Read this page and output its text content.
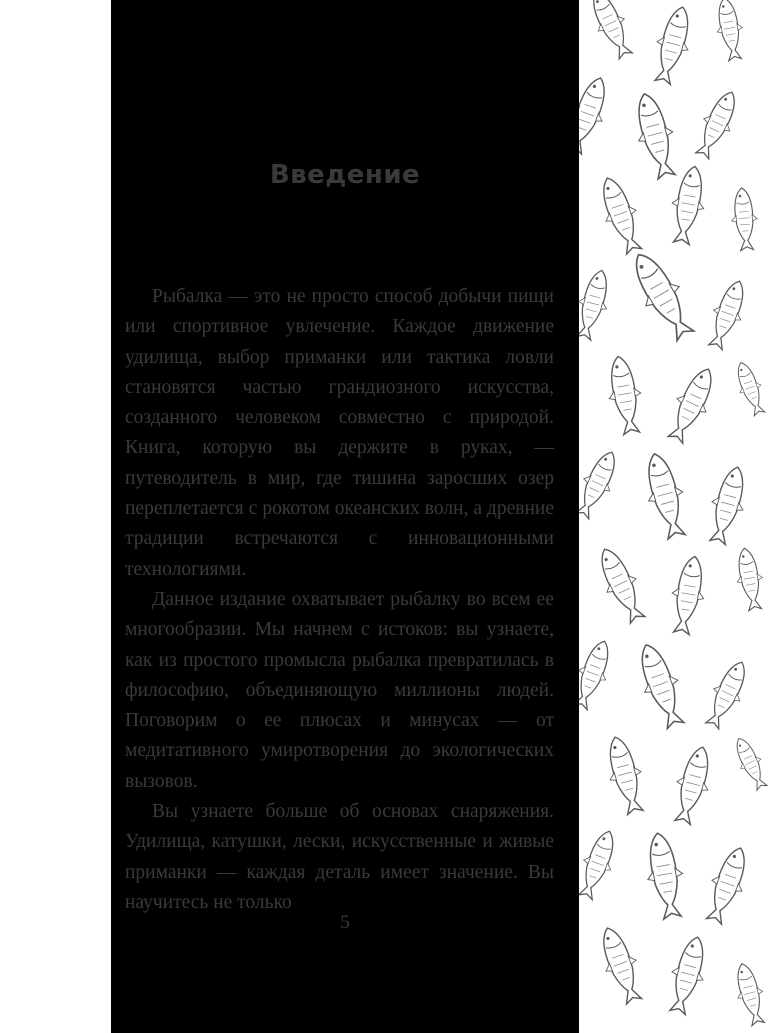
Введение

Рыбалка — это не просто способ добычи пищи или спортивное увлечение. Каждое движение удилища, выбор приманки или тактика ловли становятся частью грандиозного искусства, созданного человеком совместно с природой. Книга, которую вы держите в руках, — путеводитель в мир, где тишина заросших озер переплетается с рокотом океанских волн, а древние традиции встречаются с инновационными технологиями.

Данное издание охватывает рыбалку во всем ее многообразии. Мы начнем с истоков: вы узнаете, как из простого промысла рыбалка превратилась в философию, объединяющую миллионы людей. Поговорим о ее плюсах и минусах — от медитативного умиротворения до экологических вызовов.

Вы узнаете больше об основах снаряжения. Удилища, катушки, лески, искусственные и живые приманки — каждая деталь имеет значение. Вы научитесь не только

5
